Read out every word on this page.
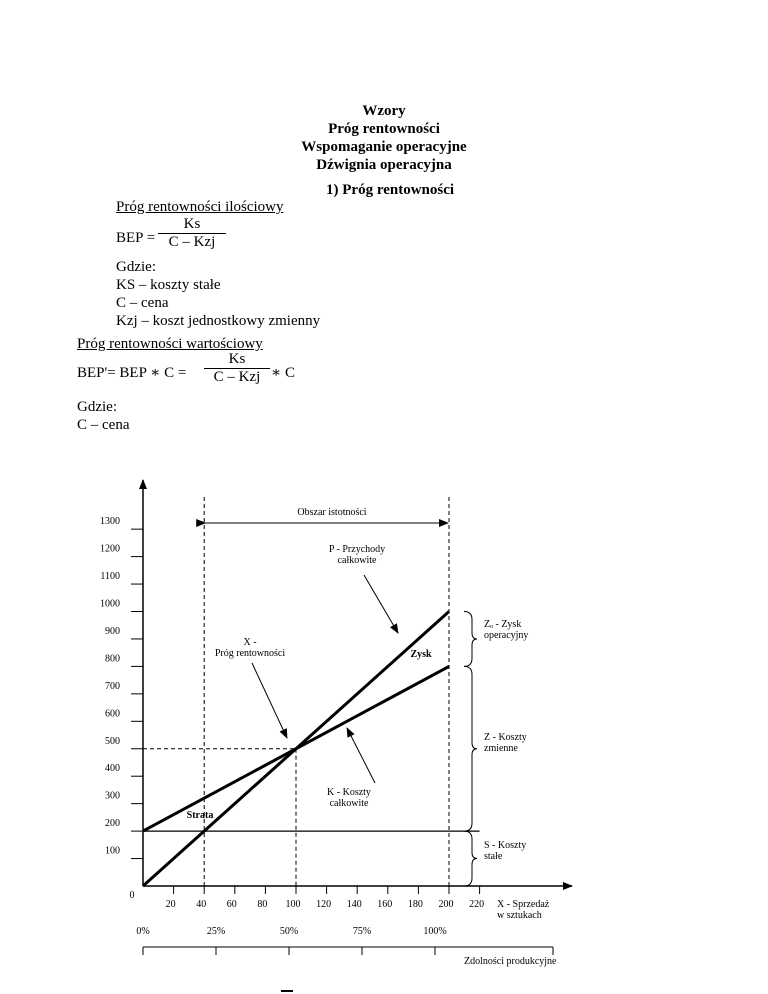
Wzory
Próg rentowności
Wspomaganie operacyjne
Dźwignia operacyjna
1) Próg rentowności
Próg rentowności ilościowy
BEP =
Ks
C – Kzj
Gdzie:
KS – koszty stałe
C – cena
Kzj – koszt jednostkowy zmienny
Próg rentowności wartościowy
BEP'= BEP ∗ C =
Ks
C – Kzj ∗ C
Gdzie:
C – cena
100
200
300
400
500
600
700
800
900
1000
1100
1200
1300
0
20 40 60 80 100 120 140 160 180 200 220
0%	25%	50%	75%	100%
Zdolności produkcyjne
Obszar istotności
P - Przychody całkowite
X -Próg rentowności	Zysk
K - Koszty całkowite
Strata
Zₒ - Zysk operacyjny
Z - Koszty zmienne
S - Koszty stałe
X - Sprzedaż w sztukach
